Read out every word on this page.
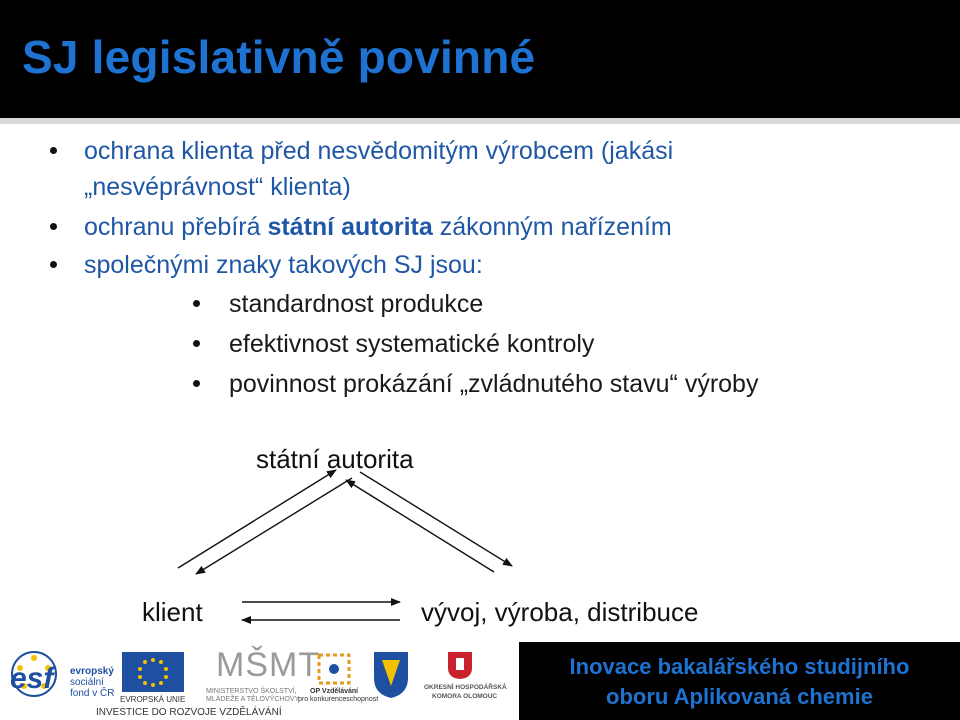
SJ legislativně povinné
ochrana klienta před nesvědomitým výrobcem (jakási
„nesvéprávnost“ klienta)
ochranu přebírá státní autorita zákonným nařízením
společnými znaky takových SJ jsou:
standardnost produkce
efektivnost systematické kontroly
povinnost prokázání „zvládnutého stavu“ výroby
státní autorita
klient	vývoj, výroba, distribuce
esf evropský
sociální
fond v ČR
EVROPSKÁ UNIE
MŠMT
MINISTERSTVO ŠKOLSTVÍ,
MLÁDEŽE A TĚLOVÝCHOVY
OP Vzdělávání
pro konkurenceschopnost
OKRESNÍ HOSPODÁŘSKÁ
KOMORA OLOMOUC
INVESTICE DO ROZVOJE VZDĚLÁVÁNÍ
Inovace bakalářského studijního
oboru Aplikovaná chemie
